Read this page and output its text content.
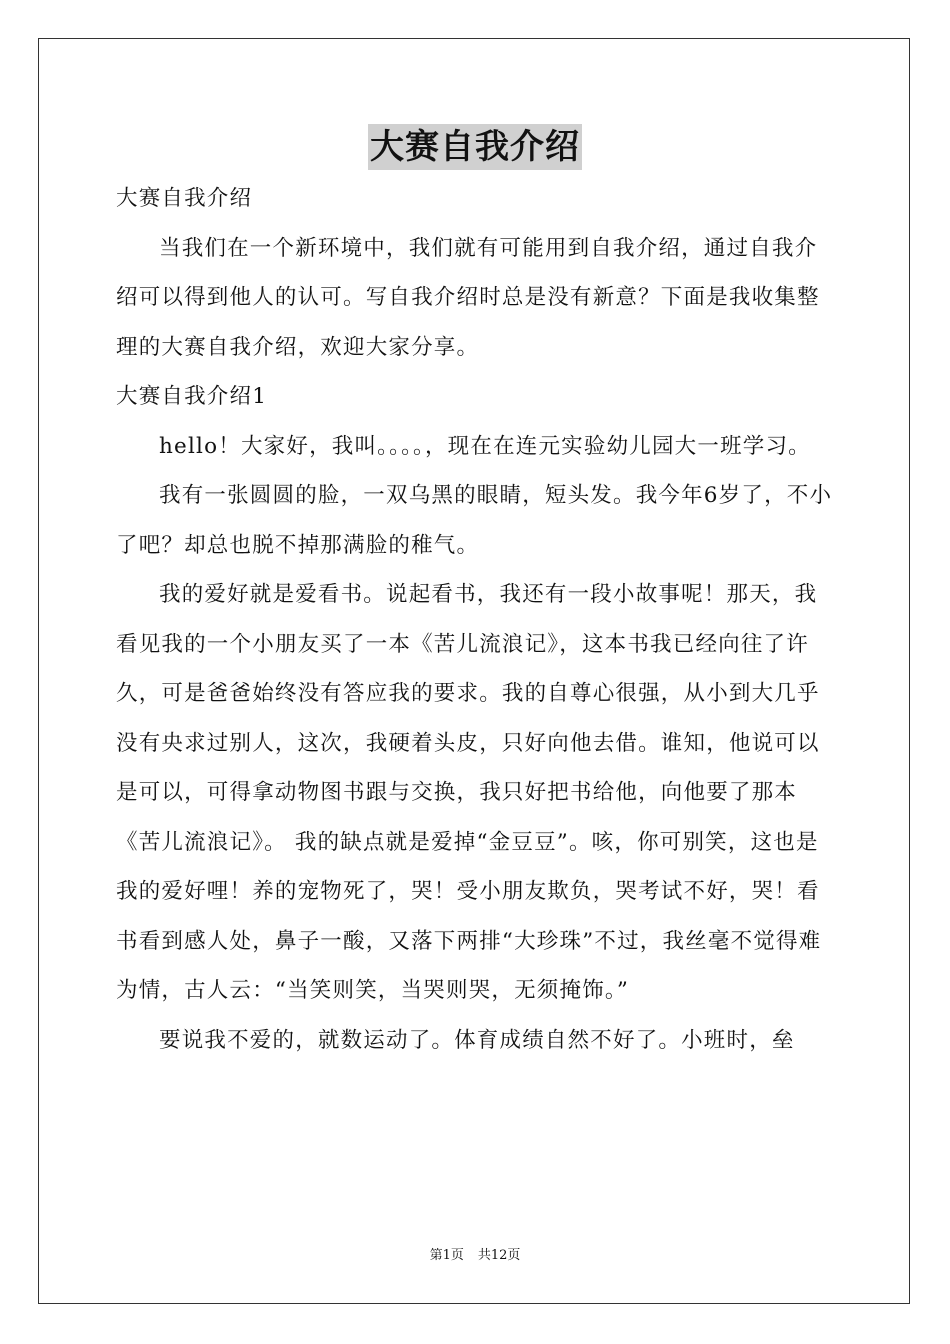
大赛自我介绍

大赛自我介绍

当我们在一个新环境中，我们就有可能用到自我介绍，通过自我介绍可以得到他人的认可。写自我介绍时总是没有新意？下面是我收集整理的大赛自我介绍，欢迎大家分享。

大赛自我介绍1

hello！大家好，我叫。。。。，现在在连元实验幼儿园大一班学习。

我有一张圆圆的脸，一双乌黑的眼睛，短头发。我今年6岁了，不小了吧？却总也脱不掉那满脸的稚气。

我的爱好就是爱看书。说起看书，我还有一段小故事呢！那天，我看见我的一个小朋友买了一本《苦儿流浪记》，这本书我已经向往了许久，可是爸爸始终没有答应我的要求。我的自尊心很强，从小到大几乎没有央求过别人，这次，我硬着头皮，只好向他去借。谁知，他说可以是可以，可得拿动物图书跟与交换，我只好把书给他，向他要了那本《苦儿流浪记》。 我的缺点就是爱掉“金豆豆”。咳，你可别笑，这也是我的爱好哩！养的宠物死了，哭！受小朋友欺负，哭考试不好，哭！看书看到感人处，鼻子一酸，又落下两排“大珍珠”不过，我丝毫不觉得难为情，古人云：“当笑则笑，当哭则哭，无须掩饰。”

要说我不爱的，就数运动了。体育成绩自然不好了。小班时，垒

第1页 共12页
